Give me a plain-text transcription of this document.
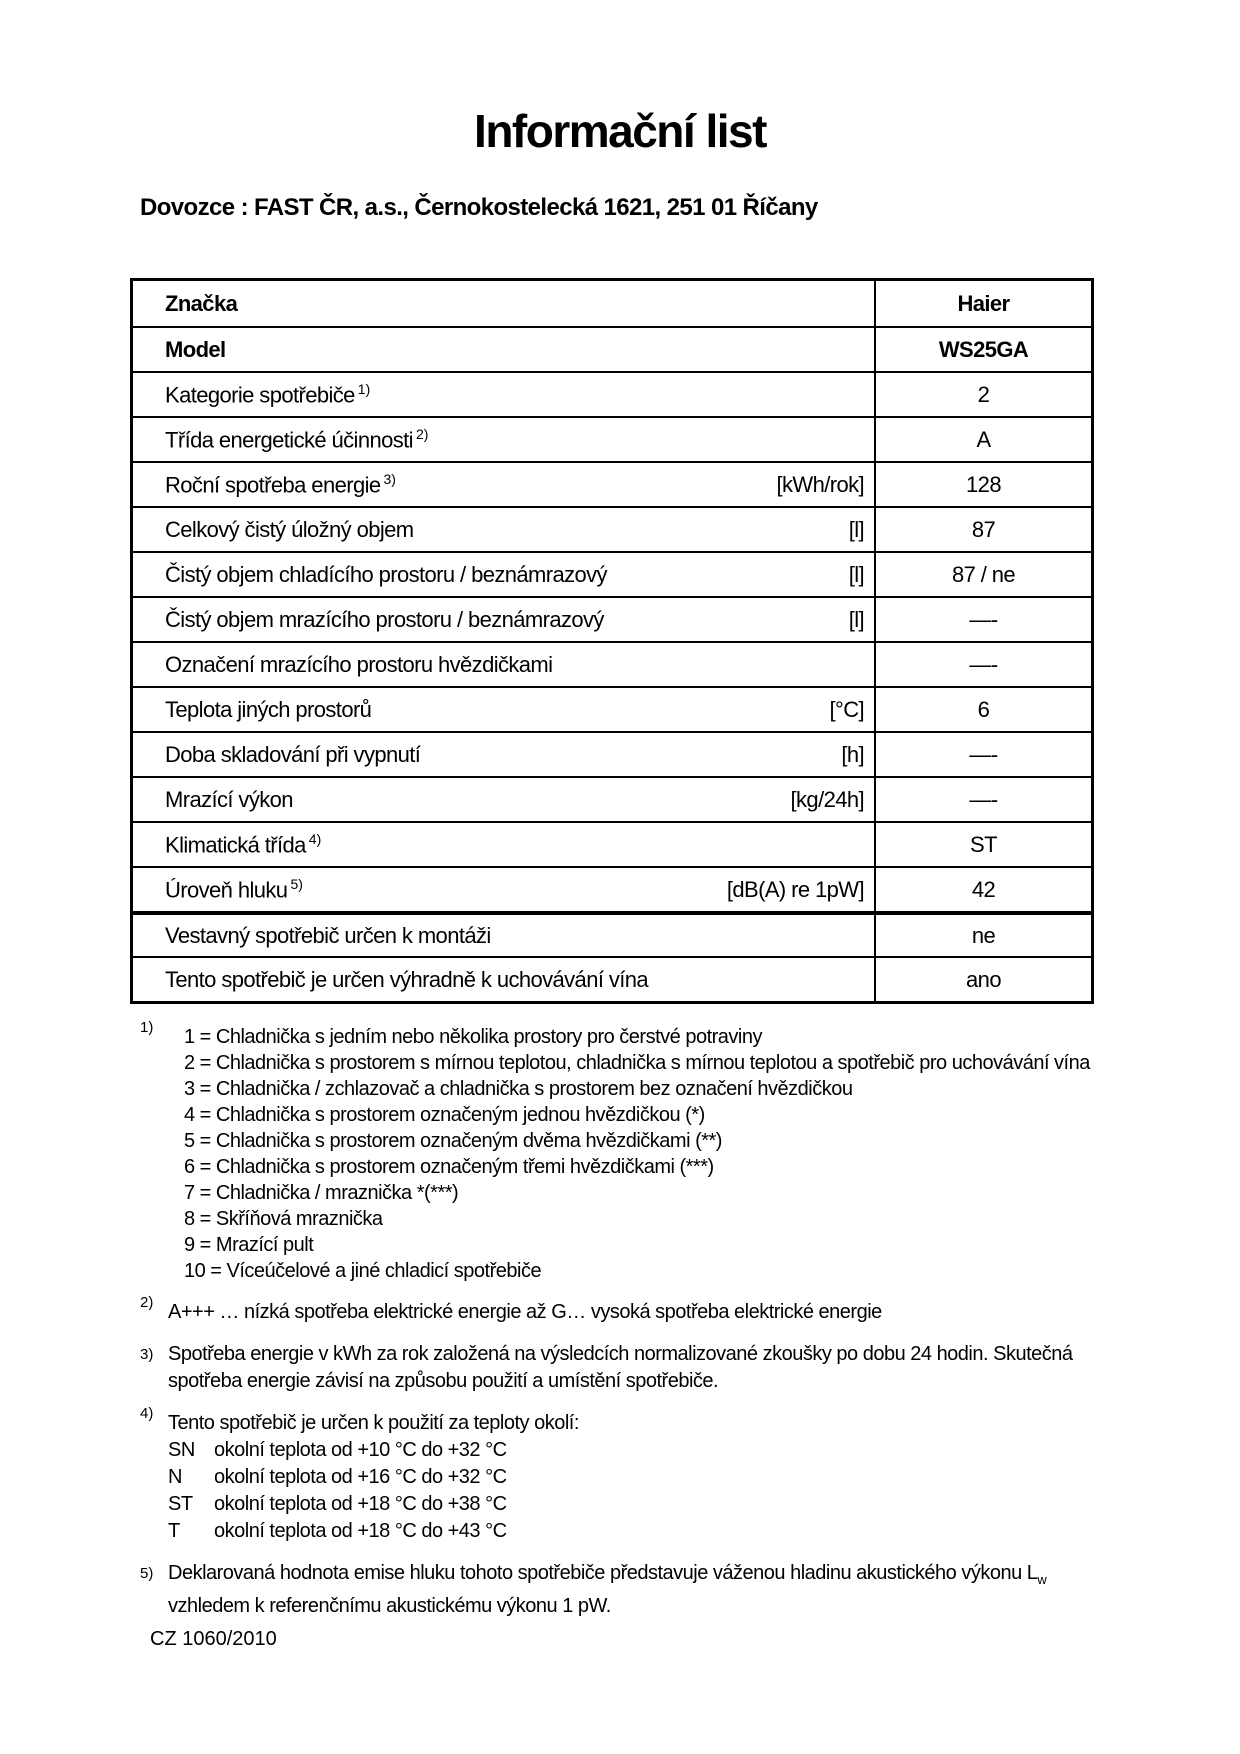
Informační list

Dovozce : FAST ČR, a.s., Černokostelecká 1621, 251 01 Říčany

Značka	Haier
Model	WS25GA
Kategorie spotřebiče $^{1)}$	2
Třída energetické účinnosti $^{2)}$	A
Roční spotřeba energie $^{3)}$	[kWh/rok]	128
Celkový čistý úložný objem	[l]	87
Čistý objem chladícího prostoru / beznámrazový	[l]	87 / ne
Čistý objem mrazícího prostoru / beznámrazový	[l]	—-
Označení mrazícího prostoru hvězdičkami	—-
Teplota jiných prostorů	[°C]	6
Doba skladování při vypnutí	[h]	—-
Mrazící výkon	[kg/24h]	—-
Klimatická třída $^{4)}$	ST
Úroveň hluku $^{5)}$	[dB(A) re 1pW]	42
Vestavný spotřebič určen k montáži	ne
Tento spotřebič je určen výhradně k uchovávání vína	ano
1) 1 = Chladnička s jedním nebo několika prostory pro čerstvé potraviny
2 = Chladnička s prostorem s mírnou teplotou, chladnička s mírnou teplotou a spotřebič pro uchovávání vína
3 = Chladnička / zchlazovač a chladnička s prostorem bez označení hvězdičkou
4 = Chladnička s prostorem označeným jednou hvězdičkou (*)
5 = Chladnička s prostorem označeným dvěma hvězdičkami (**)
6 = Chladnička s prostorem označeným třemi hvězdičkami (***)
7 = Chladnička / mraznička *(***)
8 = Skříňová mraznička
9 = Mrazící pult
10 = Víceúčelové a jiné chladicí spotřebiče
2) A+++ … nízká spotřeba elektrické energie až G… vysoká spotřeba elektrické energie

3) Spotřeba energie v kWh za rok založená na výsledcích normalizované zkoušky po dobu 24 hodin. Skutečná spotřeba energie závisí na způsobu použití a umístění spotřebiče.

4) Tento spotřebič je určen k použití za teploty okolí:

SN okolní teplota od +10 °C do +32 °C
N	okolní teplota od +16 °C do +32 °C
ST	okolní teplota od +18 °C do +38 °C
T	okolní teplota od +18 °C do +43 °C
5) Deklarovaná hodnota emise hluku tohoto spotřebiče představuje váženou hladinu akustického výkonu $L_w$ vzhledem k referenčnímu akustickému výkonu 1 pW.

CZ 1060/2010
